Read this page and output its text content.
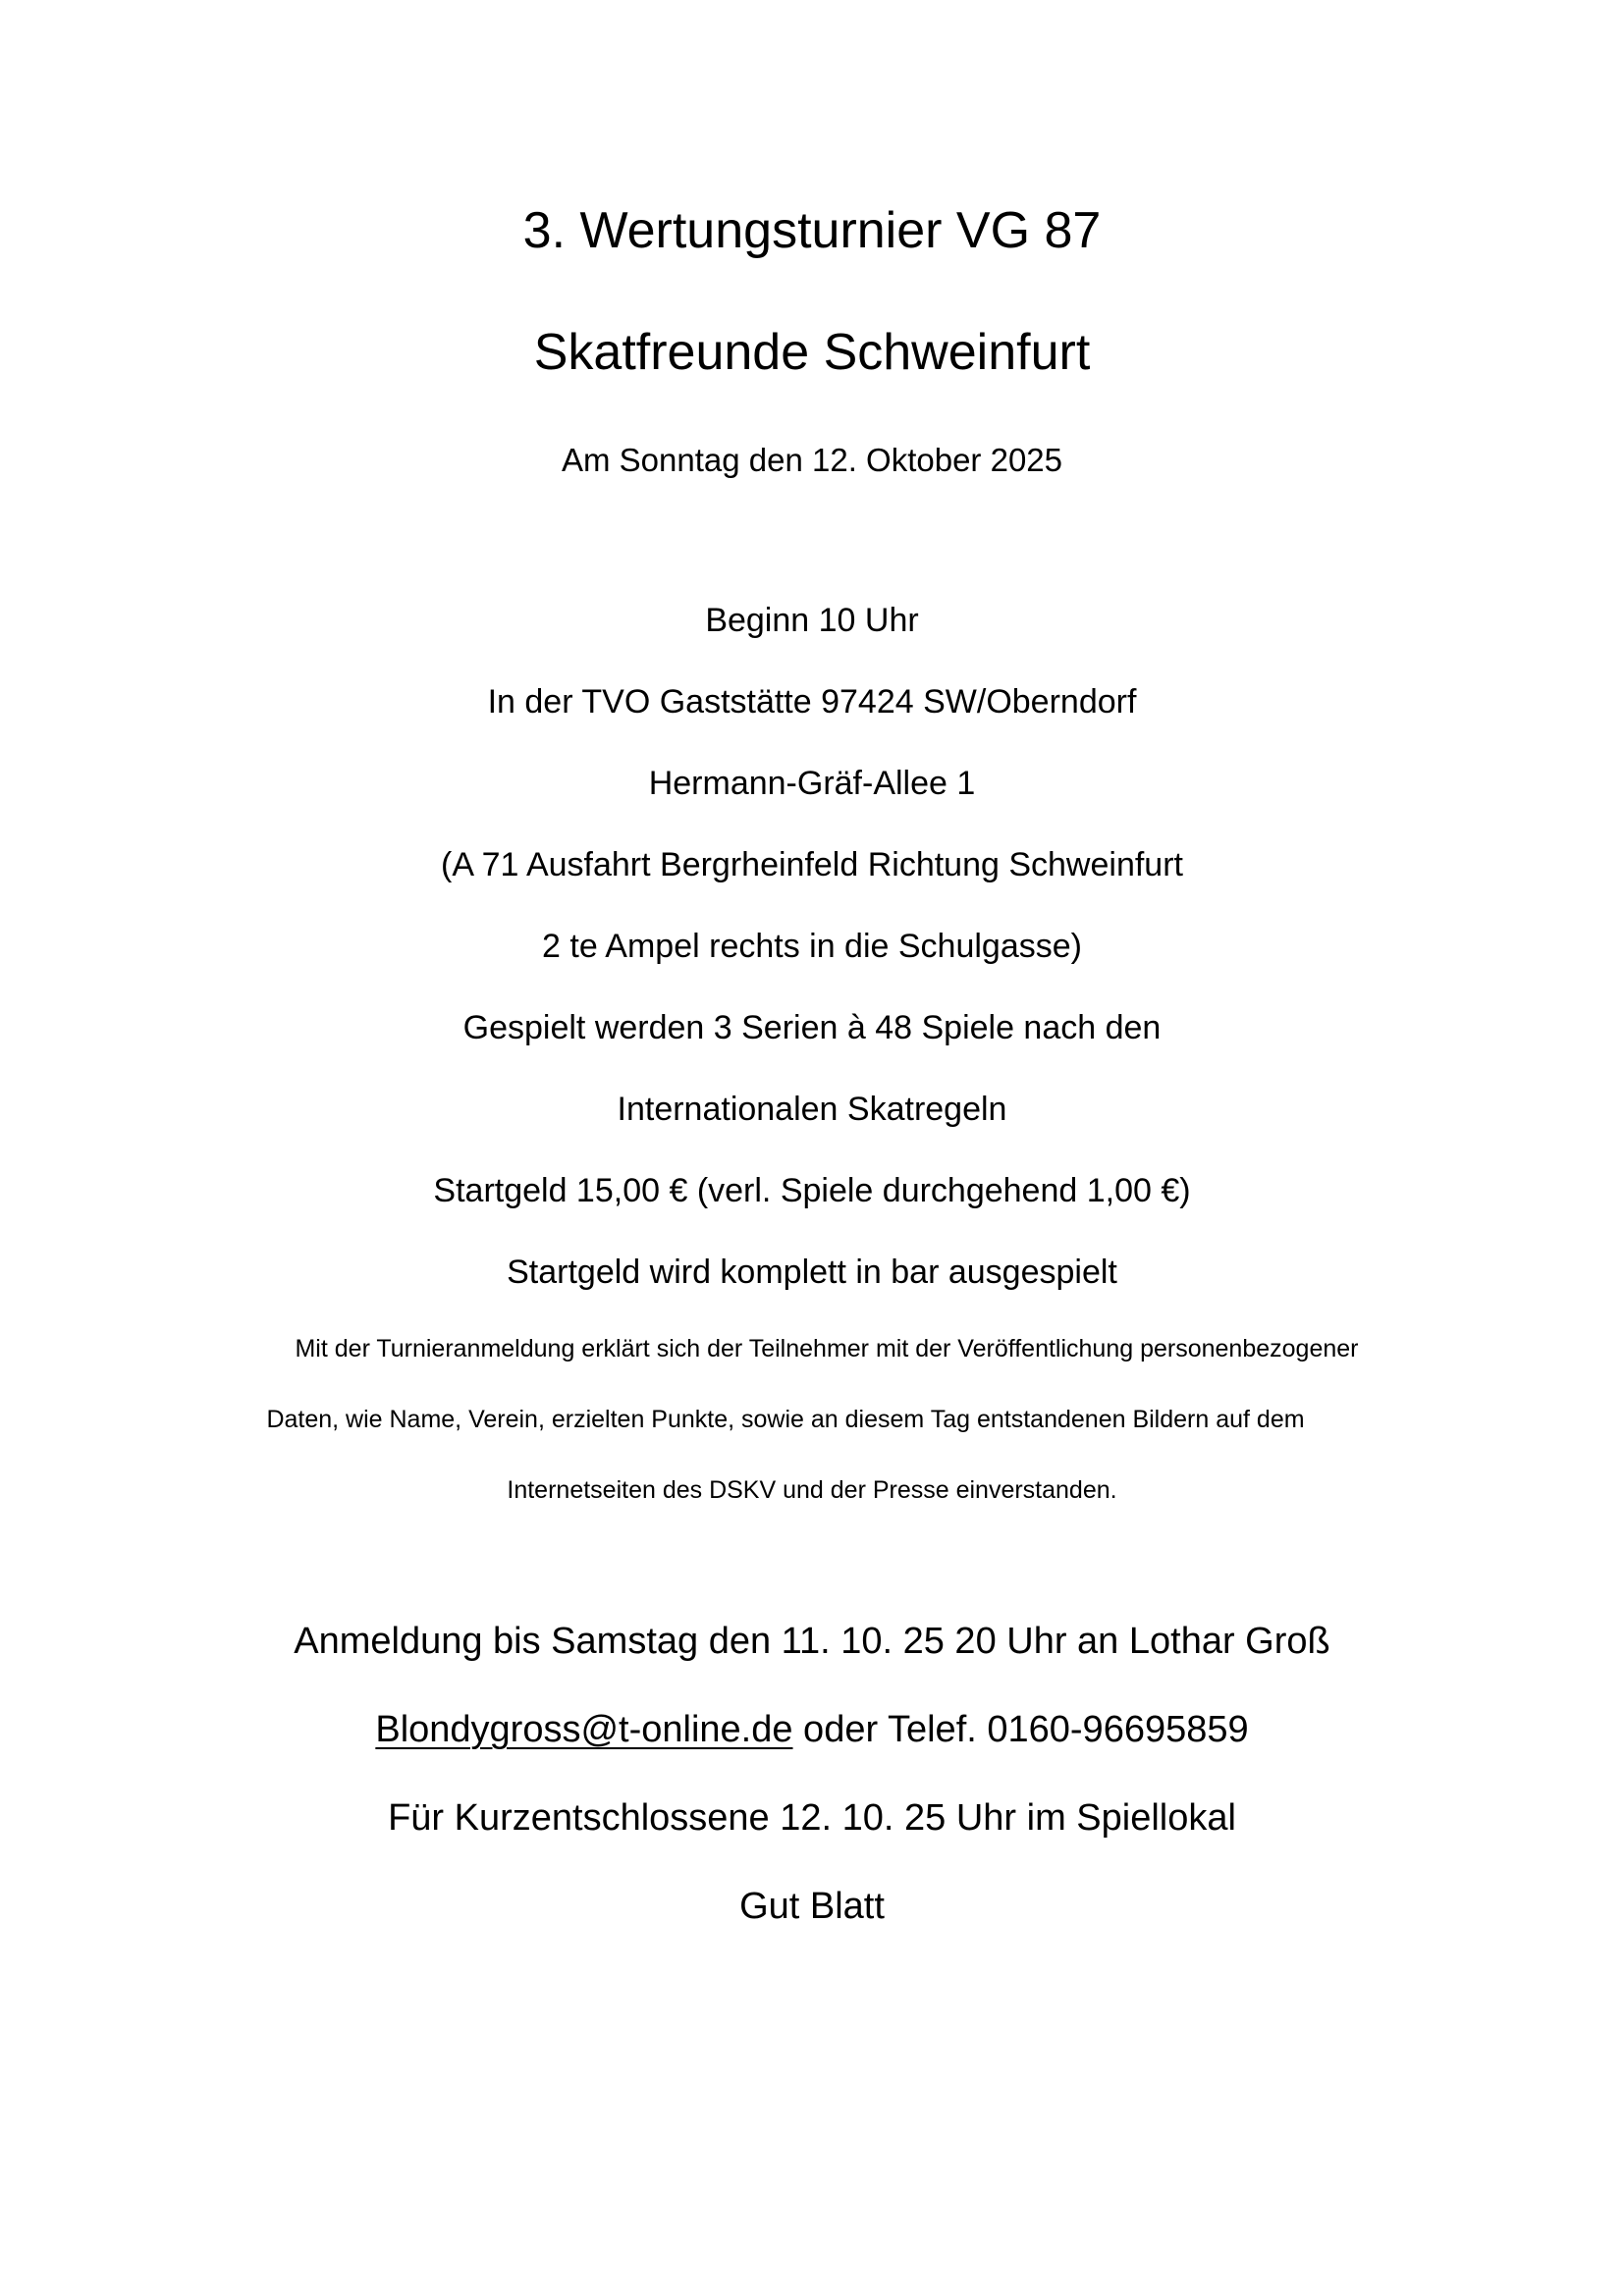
3. Wertungsturnier VG 87

Skatfreunde Schweinfurt

Am Sonntag den 12. Oktober 2025

Beginn 10 Uhr

In der TVO Gaststätte 97424 SW/Oberndorf

Hermann-Gräf-Allee 1

(A 71 Ausfahrt Bergrheinfeld Richtung Schweinfurt

2 te Ampel rechts in die Schulgasse)

Gespielt werden 3 Serien à 48 Spiele nach den

Internationalen Skatregeln

Startgeld 15,00 € (verl. Spiele durchgehend 1,00 €)

Startgeld wird komplett in bar ausgespielt

Mit der Turnieranmeldung erklärt sich der Teilnehmer mit der Veröffentlichung personenbezogener

Daten, wie Name, Verein, erzielten Punkte, sowie an diesem Tag entstandenen Bildern auf dem

Internetseiten des DSKV und der Presse einverstanden.

Anmeldung bis Samstag den 11. 10. 25 20 Uhr an Lothar Groß

Blondygross@t-online.de oder Telef. 0160-96695859

Für Kurzentschlossene 12. 10. 25 Uhr im Spiellokal

Gut Blatt
